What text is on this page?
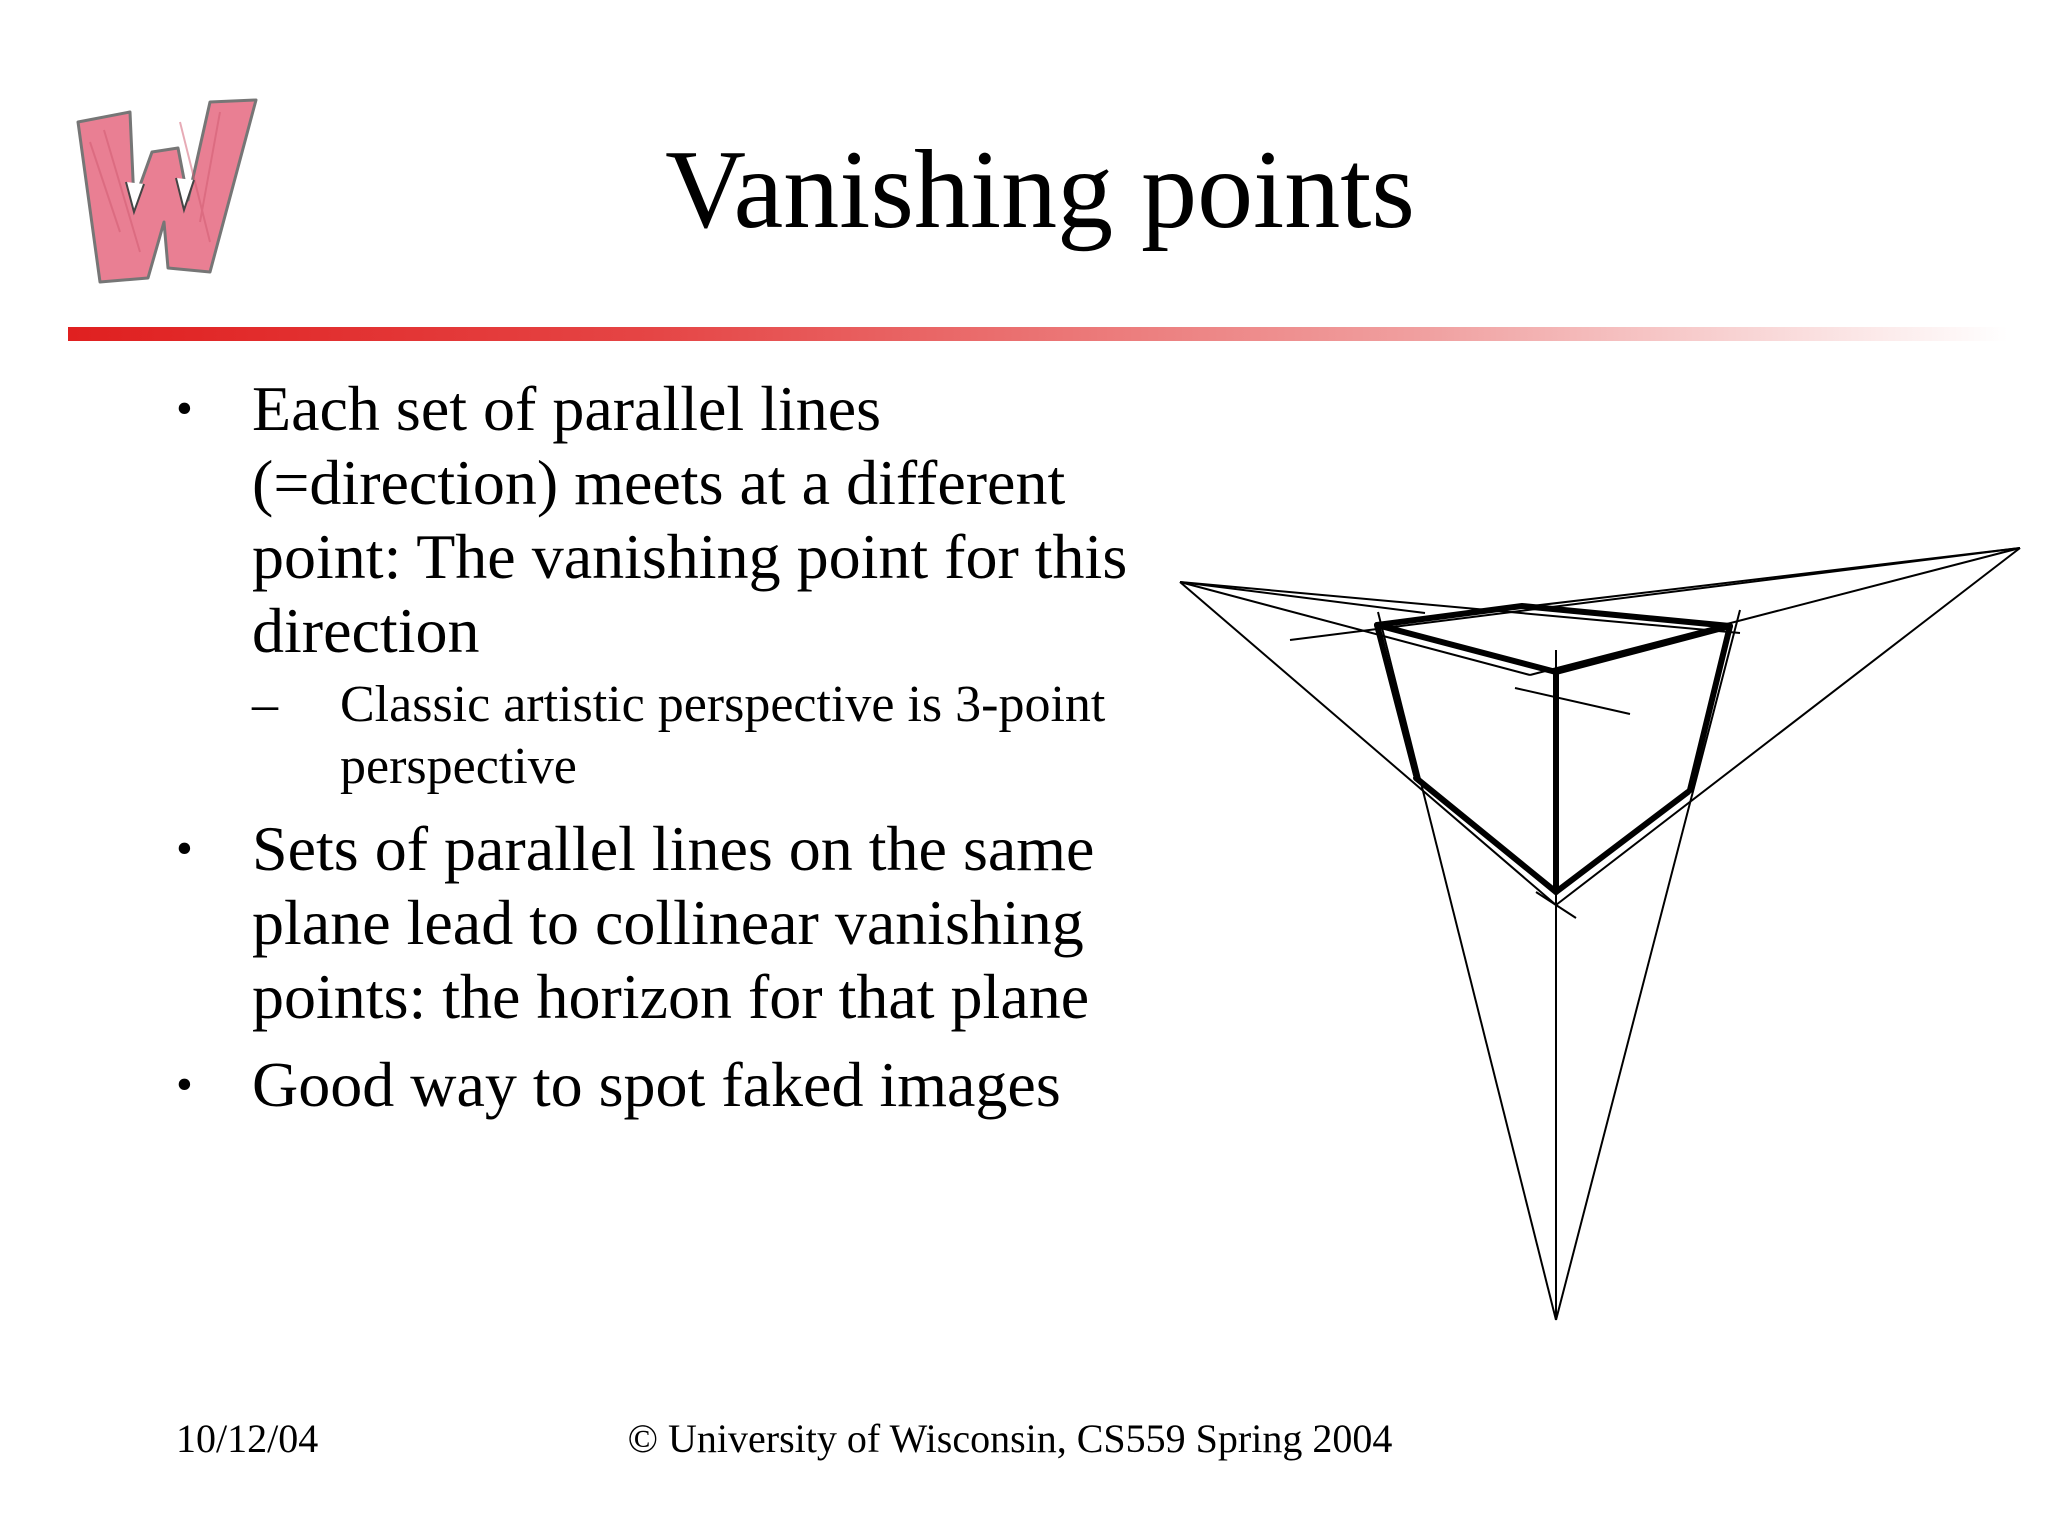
Vanishing points
• Each set of parallel lines (=direction) meets at a different point: The vanishing point for this direction
– Classic artistic perspective is 3-point perspective
• Sets of parallel lines on the same plane lead to collinear vanishing points: the horizon for that plane
• Good way to spot faked images
10/12/04	© University of Wisconsin, CS559 Spring 2004
